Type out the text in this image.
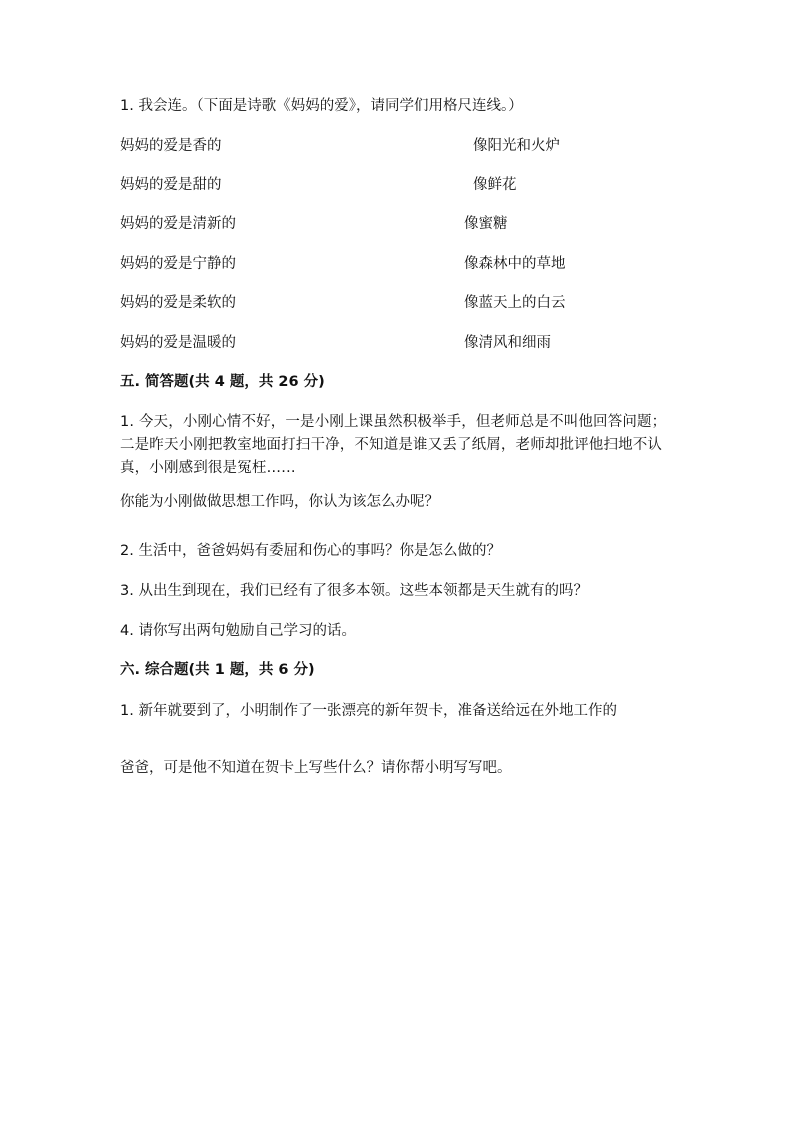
1. 我会连。（下面是诗歌《妈妈的爱》，请同学们用格尺连线。）
妈妈的爱是香的
妈妈的爱是甜的
妈妈的爱是清新的
妈妈的爱是宁静的
妈妈的爱是柔软的
妈妈的爱是温暖的
像阳光和火炉
像鲜花
像蜜糖
像森林中的草地
像蓝天上的白云
像清风和细雨
五. 简答题(共 4 题，共 26 分)
1. 今天，小刚心情不好，一是小刚上课虽然积极举手，但老师总是不叫他回答问题；二是昨天小刚把教室地面打扫干净，不知道是谁又丢了纸屑，老师却批评他扫地不认真，小刚感到很是冤枉……
你能为小刚做做思想工作吗，你认为该怎么办呢？
2. 生活中，爸爸妈妈有委屈和伤心的事吗？你是怎么做的？
3. 从出生到现在，我们已经有了很多本领。这些本领都是天生就有的吗？
4. 请你写出两句勉励自己学习的话。
六. 综合题(共 1 题，共 6 分)
1. 新年就要到了，小明制作了一张漂亮的新年贺卡，准备送给远在外地工作的
爸爸，可是他不知道在贺卡上写些什么？请你帮小明写写吧。
